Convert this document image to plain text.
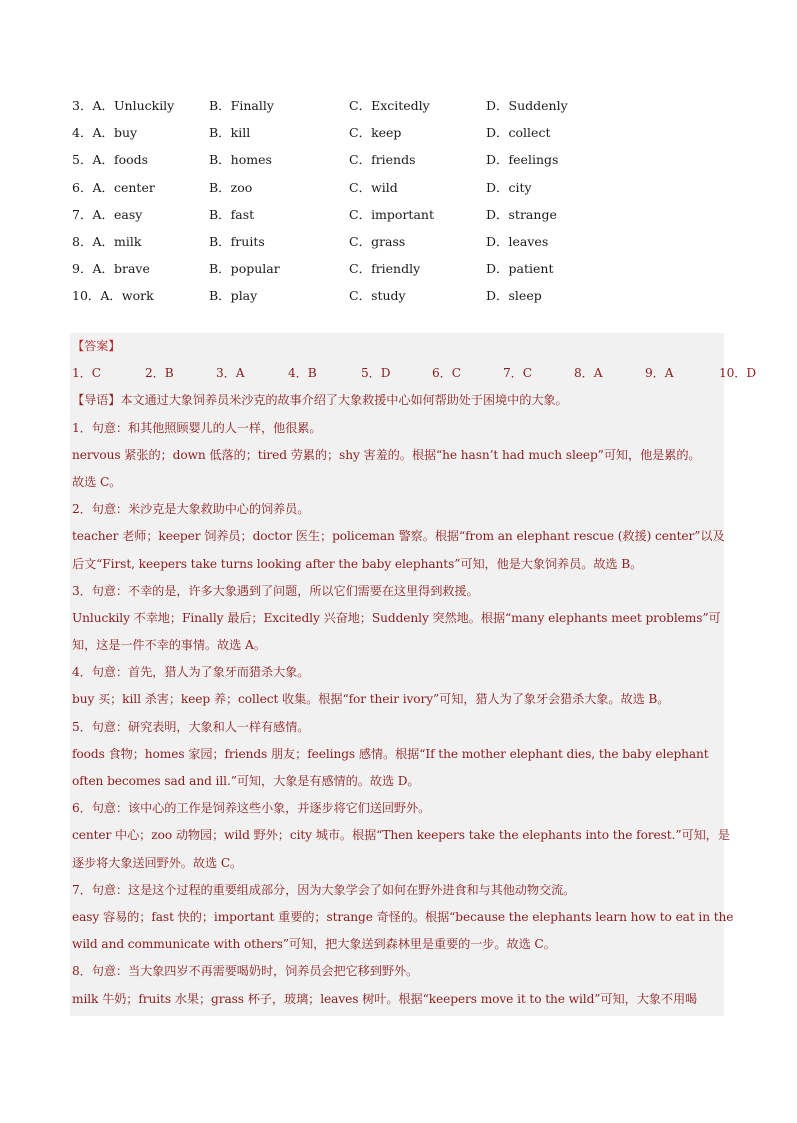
3．A．Unluckily	B．Finally	C．Excitedly	D．Suddenly
4．A．buy	B．kill	C．keep	D．collect
5．A．foods	B．homes	C．friends	D．feelings
6．A．center	B．zoo	C．wild	D．city
7．A．easy	B．fast	C．important	D．strange
8．A．milk	B．fruits	C．grass	D．leaves
9．A．brave	B．popular	C．friendly	D．patient
10．A．work	B．play	C．study	D．sleep
【答案】
1．C	2．B	3．A	4．B	5．D	6．C	7．C	8．A	9．A	10．D
【导语】本文通过大象饲养员米沙克的故事介绍了大象救援中心如何帮助处于困境中的大象。
1．句意：和其他照顾婴儿的人一样，他很累。
nervous 紧张的；down 低落的；tired 劳累的；shy 害羞的。根据“he hasn’t had much sleep”可知，他是累的。
故选 C。
2．句意：米沙克是大象救助中心的饲养员。
teacher 老师；keeper 饲养员；doctor 医生；policeman 警察。根据“from an elephant rescue (救援) center”以及
后文“First, keepers take turns looking after the baby elephants”可知，他是大象饲养员。故选 B。
3．句意：不幸的是，许多大象遇到了问题，所以它们需要在这里得到救援。
Unluckily 不幸地；Finally 最后；Excitedly 兴奋地；Suddenly 突然地。根据“many elephants meet problems”可
知，这是一件不幸的事情。故选 A。
4．句意：首先，猎人为了象牙而猎杀大象。
buy 买；kill 杀害；keep 养；collect 收集。根据“for their ivory”可知，猎人为了象牙会猎杀大象。故选 B。
5．句意：研究表明，大象和人一样有感情。
foods 食物；homes 家园；friends 朋友；feelings 感情。根据“If the mother elephant dies, the baby elephant
often becomes sad and ill.”可知，大象是有感情的。故选 D。
6．句意：该中心的工作是饲养这些小象，并逐步将它们送回野外。
center 中心；zoo 动物园；wild 野外；city 城市。根据“Then keepers take the elephants into the forest.”可知，是
逐步将大象送回野外。故选 C。
7．句意：这是这个过程的重要组成部分，因为大象学会了如何在野外进食和与其他动物交流。
easy 容易的；fast 快的；important 重要的；strange 奇怪的。根据“because the elephants learn how to eat in the
wild and communicate with others”可知，把大象送到森林里是重要的一步。故选 C。
8．句意：当大象四岁不再需要喝奶时，饲养员会把它移到野外。
milk 牛奶；fruits 水果；grass 杯子，玻璃；leaves 树叶。根据“keepers move it to the wild”可知，大象不用喝
